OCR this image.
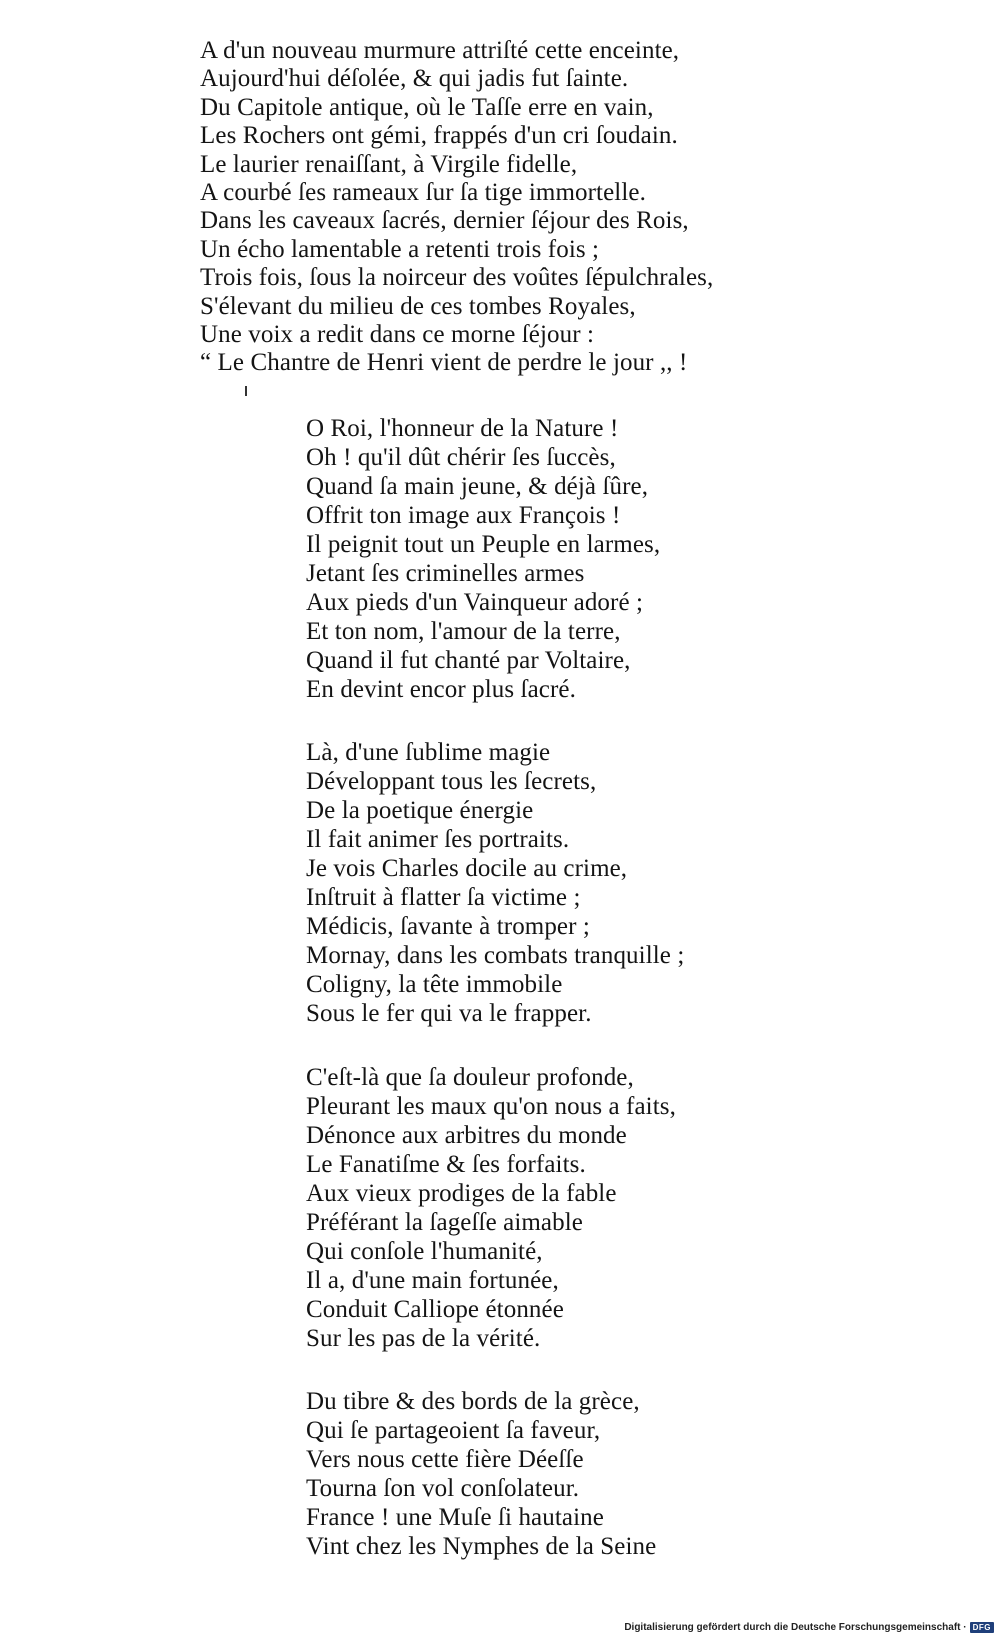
A d'un nouveau murmure attriſté cette enceinte,
Aujourd'hui déſolée, & qui jadis fut ſainte.
Du Capitole antique, où le Taſſe erre en vain,
Les Rochers ont gémi, frappés d'un cri ſoudain.
Le laurier renaiſſant, à Virgile fidelle,
A courbé ſes rameaux ſur ſa tige immortelle.
Dans les caveaux ſacrés, dernier ſéjour des Rois,
Un écho lamentable a retenti trois fois ;
Trois fois, ſous la noirceur des voûtes ſépulchrales,
S'élevant du milieu de ces tombes Royales,
Une voix a redit dans ce morne ſéjour :
“ Le Chantre de Henri vient de perdre le jour ,, !
O Roi, l'honneur de la Nature !
Oh ! qu'il dût chérir ſes ſuccès,
Quand ſa main jeune, & déjà ſûre,
Offrit ton image aux François !
Il peignit tout un Peuple en larmes,
Jetant ſes criminelles armes
Aux pieds d'un Vainqueur adoré ;
Et ton nom, l'amour de la terre,
Quand il fut chanté par Voltaire,
En devint encor plus ſacré.
Là, d'une ſublime magie
Développant tous les ſecrets,
De la poetique énergie
Il fait animer ſes portraits.
Je vois Charles docile au crime,
Inſtruit à flatter ſa victime ;
Médicis, ſavante à tromper ;
Mornay, dans les combats tranquille ;
Coligny, la tête immobile
Sous le fer qui va le frapper.
C'eſt-là que ſa douleur profonde,
Pleurant les maux qu'on nous a faits,
Dénonce aux arbitres du monde
Le Fanatiſme & ſes forfaits.
Aux vieux prodiges de la fable
Préférant la ſageſſe aimable
Qui conſole l'humanité,
Il a, d'une main fortunée,
Conduit Calliope étonnée
Sur les pas de la vérité.
Du tibre & des bords de la grèce,
Qui ſe partageoient ſa faveur,
Vers nous cette fière Déeſſe
Tourna ſon vol conſolateur.
France ! une Muſe ſi hautaine
Vint chez les Nymphes de la Seine
Digitalisierung gefördert durch die Deutsche Forschungsgemeinschaft · DFG
